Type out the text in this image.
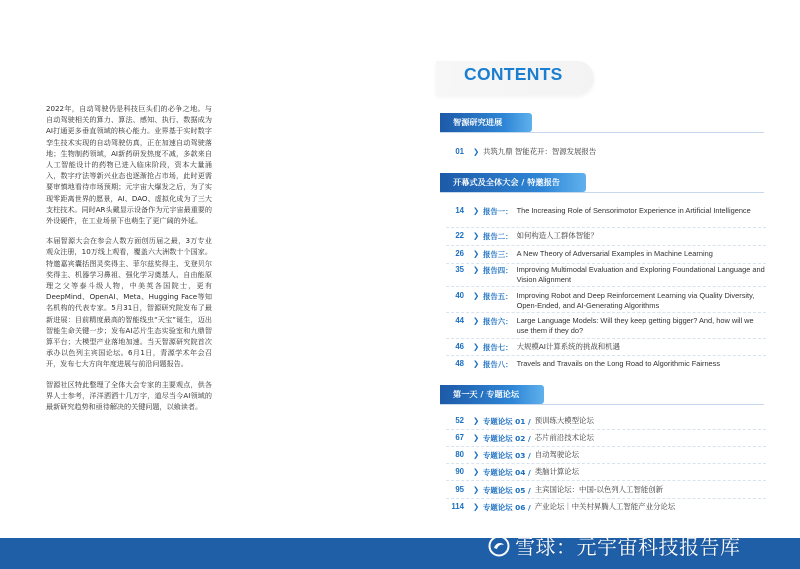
2022年，自动驾驶仍是科技巨头们的必争之地。与自动驾驶相关的算力、算法、感知、执行、数据成为AI打通更多垂直领域的核心能力。业界基于实时数字孪生技术实现的自动驾驶仿真，正在加速自动驾驶落地；生物制药领域，AI新药研发热度不减，多款来自人工智能设计的药物已进入临床阶段，资本大量涌入，数字疗法等新兴业态也逐渐抢占市场，此时更需要审慎地看待市场预期；元宇宙大爆发之后，为了实现零距离世界的愿景，AI、DAO、虚拟化成为了三大支柱技术。同时AR头戴显示设备作为元宇宙最重要的外设硬件，在工业场景下也萌生了更广阔的外延。

本届智源大会在参会人数方面创历届之最，3万专业观众注册，10万线上观看，覆盖六大洲数十个国家。特邀嘉宾囊括图灵奖得主、菲尔兹奖得主、戈登贝尔奖得主、机器学习鼻祖、强化学习奠基人、自由能原理之父等泰斗级人物，中美英各国院士，更有DeepMind、OpenAI、Meta、Hugging Face等知名机构的代表专家。5月31日，智源研究院发布了最新进展：目前精度最高的智能线虫“天宝”诞生，迈出智能生命关键一步；发布AI芯片生态实验室和九鼎智算平台；大模型产业落地加速。当天智源研究院首次承办以色列主宾国论坛。6月1日，青源学术年会召开，发布七大方向年度进展与前沿问题报告。

智源社区特此整理了全体大会专家的主要观点，供各界人士参考，洋洋洒洒十几万字，道尽当今AI领域的最新研究趋势和亟待解决的关键问题，以飨读者。

CONTENTS
智源研究进展
01 ❯ 共筑九鼎 智能花开：智源发展报告
开幕式及全体大会 / 特邀报告
14 ❯ 报告一： The Increasing Role of Sensorimotor Experience in Artificial Intelligence
22 ❯ 报告二： 如何构造人工群体智能？
26 ❯ 报告三： A New Theory of Adversarial Examples in Machine Learning
35 ❯ 报告四： Improving Multimodal Evaluation and Exploring Foundational Language and Vision Alignment
40 ❯ 报告五： Improving Robot and Deep Reinforcement Learning via Quality Diversity, Open-Ended, and AI-Generating Algorithms
44 ❯ 报告六： Large Language Models: Will they keep getting bigger? And, how will we use them if they do?
46 ❯ 报告七： 大规模AI计算系统的挑战和机遇
48 ❯ 报告八： Travels and Travails on the Long Road to Algorithmic Fairness
第一天 / 专题论坛
52 ❯ 专题论坛 01 / 预训练大模型论坛
67 ❯ 专题论坛 02 / 芯片前沿技术论坛
80 ❯ 专题论坛 03 / 自动驾驶论坛
90 ❯ 专题论坛 04 / 类脑计算论坛
95 ❯ 专题论坛 05 / 主宾国论坛：中国-以色列人工智能创新
114 ❯ 专题论坛 06 / 产业论坛｜中关村昇腾人工智能产业分论坛
雪球：元宇宙科技报告库
